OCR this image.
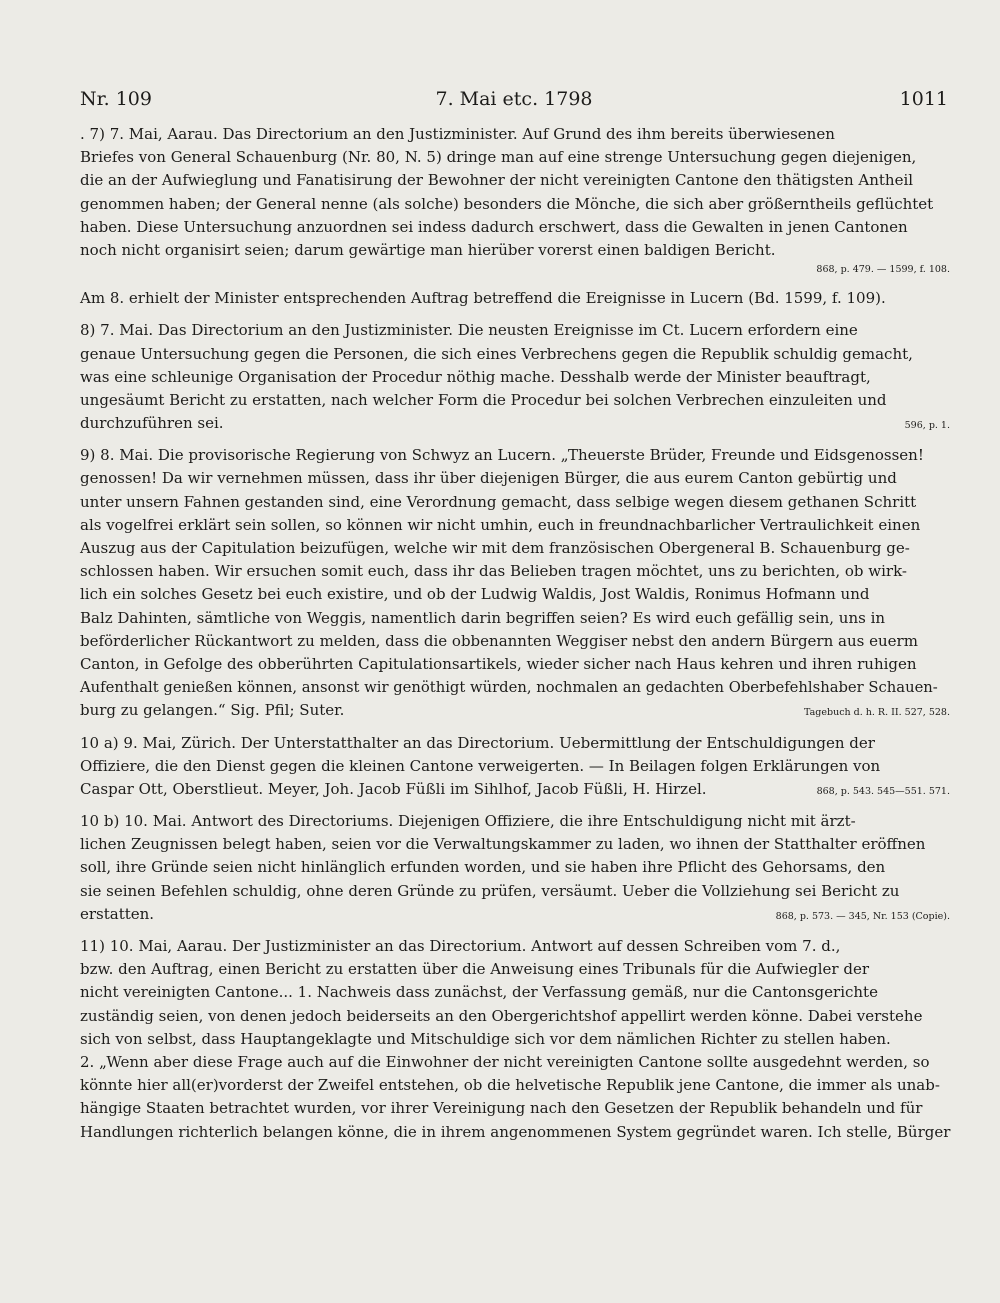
Nr. 109	7. Mai etc. 1798	1011
. 7) 7. Mai, Aarau. Das Directorium an den Justizminister. Auf Grund des ihm bereits überwiesenen
Briefes von General Schauenburg (Nr. 80, N. 5) dringe man auf eine strenge Untersuchung gegen diejenigen,
die an der Aufwieglung und Fanatisirung der Bewohner der nicht vereinigten Cantone den thätigsten Antheil
genommen haben; der General nenne (als solche) besonders die Mönche, die sich aber größerntheils geflüchtet
haben. Diese Untersuchung anzuordnen sei indess dadurch erschwert, dass die Gewalten in jenen Cantonen
noch nicht organisirt seien; darum gewärtige man hierüber vorerst einen baldigen Bericht.
868, p. 479. — 1599, f. 108.
Am 8. erhielt der Minister entsprechenden Auftrag betreffend die Ereignisse in Lucern (Bd. 1599, f. 109).
8) 7. Mai. Das Directorium an den Justizminister. Die neusten Ereignisse im Ct. Lucern erfordern eine
genaue Untersuchung gegen die Personen, die sich eines Verbrechens gegen die Republik schuldig gemacht,
was eine schleunige Organisation der Procedur nöthig mache. Desshalb werde der Minister beauftragt,
ungesäumt Bericht zu erstatten, nach welcher Form die Procedur bei solchen Verbrechen einzuleiten und
durchzuführen sei.	596, p. 1.
9) 8. Mai. Die provisorische Regierung von Schwyz an Lucern. „Theuerste Brüder, Freunde und Eidsgenossen!
genossen! Da wir vernehmen müssen, dass ihr über diejenigen Bürger, die aus eurem Canton gebürtig und
unter unsern Fahnen gestanden sind, eine Verordnung gemacht, dass selbige wegen diesem gethanen Schritt
als vogelfrei erklärt sein sollen, so können wir nicht umhin, euch in freundnachbarlicher Vertraulichkeit einen
Auszug aus der Capitulation beizufügen, welche wir mit dem französischen Obergeneral B. Schauenburg ge-
schlossen haben. Wir ersuchen somit euch, dass ihr das Belieben tragen möchtet, uns zu berichten, ob wirk-
lich ein solches Gesetz bei euch existire, und ob der Ludwig Waldis, Jost Waldis, Ronimus Hofmann und
Balz Dahinten, sämtliche von Weggis, namentlich darin begriffen seien? Es wird euch gefällig sein, uns in
beförderlicher Rückantwort zu melden, dass die obbenannten Weggiser nebst den andern Bürgern aus euerm
Canton, in Gefolge des obberührten Capitulationsartikels, wieder sicher nach Haus kehren und ihren ruhigen
Aufenthalt genießen können, ansonst wir genöthigt würden, nochmalen an gedachten Oberbefehlshaber Schauen-
burg zu gelangen.“ Sig. Pfil; Suter.	Tagebuch d. h. R. II. 527, 528.
10 a) 9. Mai, Zürich. Der Unterstatthalter an das Directorium. Uebermittlung der Entschuldigungen der
Offiziere, die den Dienst gegen die kleinen Cantone verweigerten. — In Beilagen folgen Erklärungen von
Caspar Ott, Oberstlieut. Meyer, Joh. Jacob Füßli im Sihlhof, Jacob Füßli, H. Hirzel.	868, p. 543. 545—551. 571.
10 b) 10. Mai. Antwort des Directoriums. Diejenigen Offiziere, die ihre Entschuldigung nicht mit ärzt-
lichen Zeugnissen belegt haben, seien vor die Verwaltungskammer zu laden, wo ihnen der Statthalter eröffnen
soll, ihre Gründe seien nicht hinlänglich erfunden worden, und sie haben ihre Pflicht des Gehorsams, den
sie seinen Befehlen schuldig, ohne deren Gründe zu prüfen, versäumt. Ueber die Vollziehung sei Bericht zu
erstatten.	868, p. 573. — 345, Nr. 153 (Copie).
11) 10. Mai, Aarau. Der Justizminister an das Directorium. Antwort auf dessen Schreiben vom 7. d.,
bzw. den Auftrag, einen Bericht zu erstatten über die Anweisung eines Tribunals für die Aufwiegler der
nicht vereinigten Cantone... 1. Nachweis dass zunächst, der Verfassung gemäß, nur die Cantonsgerichte
zuständig seien, von denen jedoch beiderseits an den Obergerichtshof appellirt werden könne. Dabei verstehe
sich von selbst, dass Hauptangeklagte und Mitschuldige sich vor dem nämlichen Richter zu stellen haben.
2. „Wenn aber diese Frage auch auf die Einwohner der nicht vereinigten Cantone sollte ausgedehnt werden, so
könnte hier all(er)vorderst der Zweifel entstehen, ob die helvetische Republik jene Cantone, die immer als unab-
hängige Staaten betrachtet wurden, vor ihrer Vereinigung nach den Gesetzen der Republik behandeln und für
Handlungen richterlich belangen könne, die in ihrem angenommenen System gegründet waren. Ich stelle, Bürger
